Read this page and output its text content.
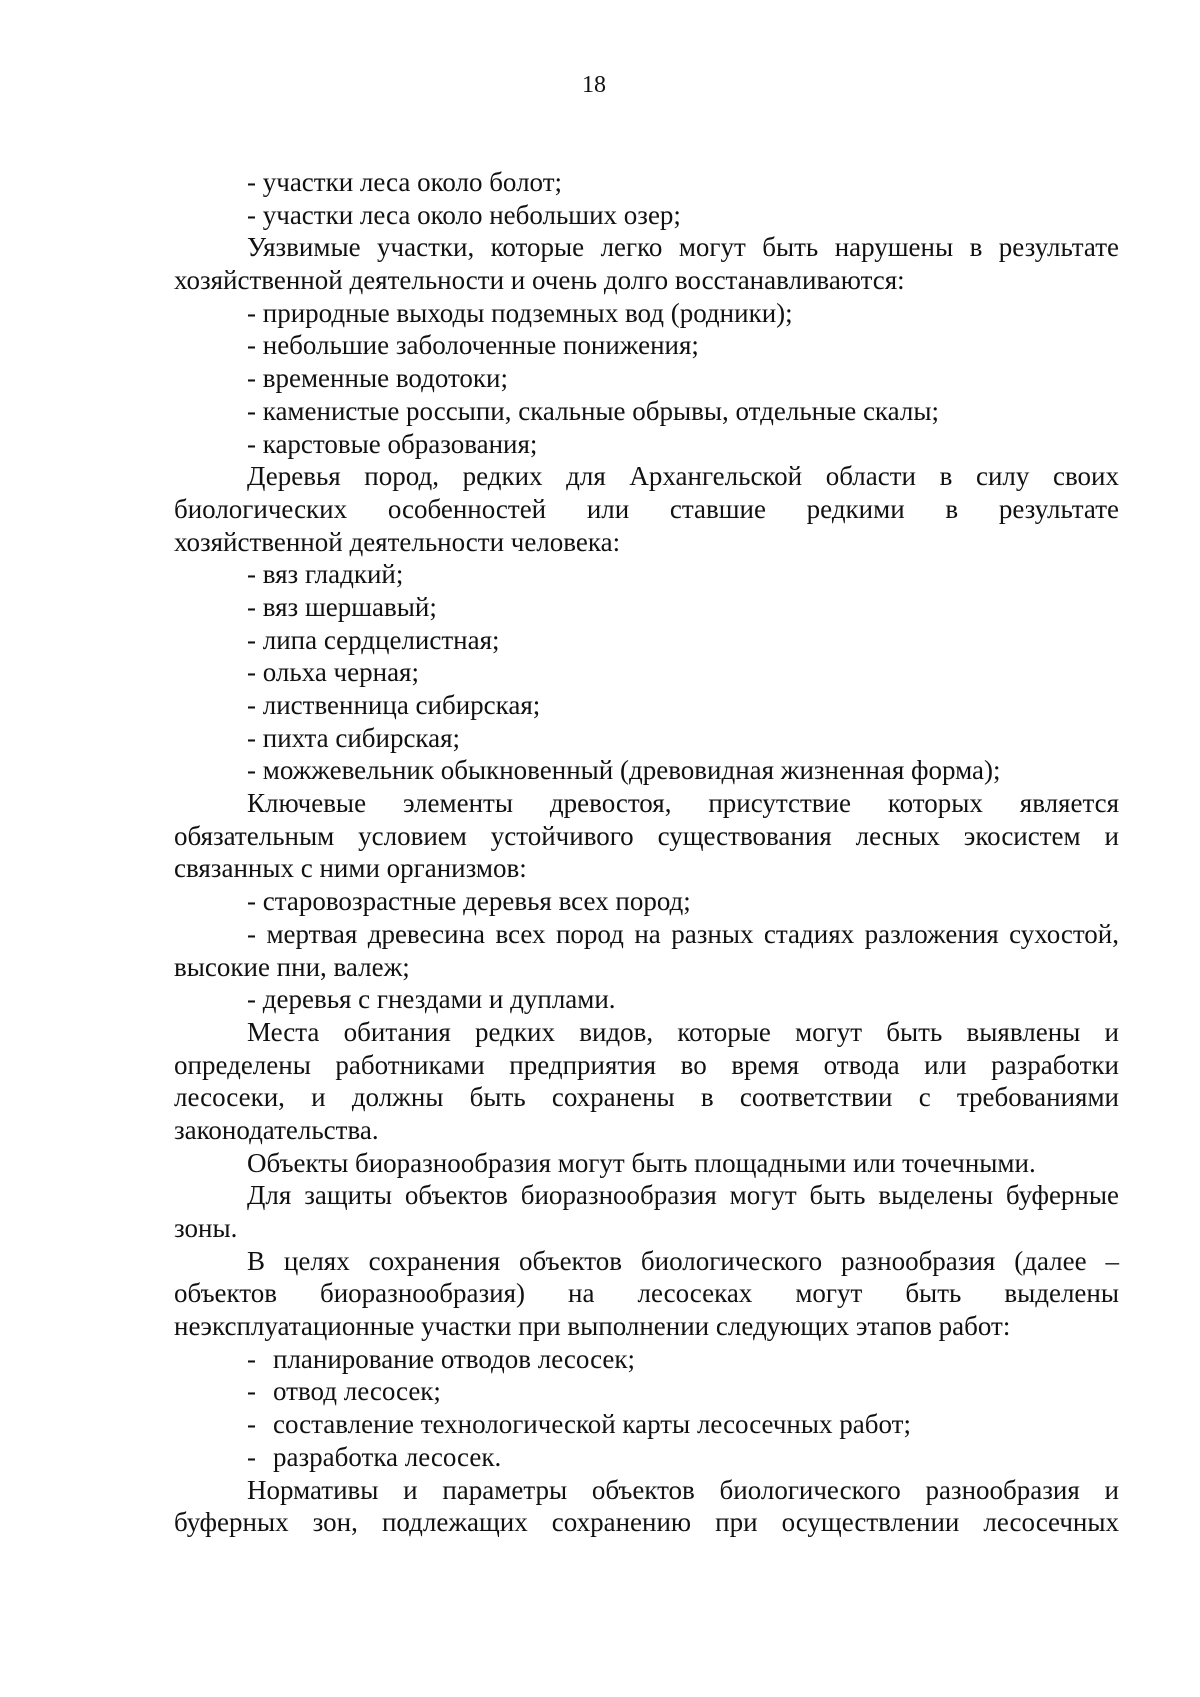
18
- участки леса около болот;
- участки леса около небольших озер;
Уязвимые участки, которые легко могут быть нарушены в результате
хозяйственной деятельности и очень долго восстанавливаются:
- природные выходы подземных вод (родники);
- небольшие заболоченные понижения;
- временные водотоки;
- каменистые россыпи, скальные обрывы, отдельные скалы;
- карстовые образования;
Деревья пород, редких для Архангельской области в силу своих
биологических особенностей или ставшие редкими в результате
хозяйственной деятельности человека:
- вяз гладкий;
- вяз шершавый;
- липа сердцелистная;
- ольха черная;
- лиственница сибирская;
- пихта сибирская;
- можжевельник обыкновенный (древовидная жизненная форма);
Ключевые элементы древостоя, присутствие которых является
обязательным условием устойчивого существования лесных экосистем и
связанных с ними организмов:
- старовозрастные деревья всех пород;
- мертвая древесина всех пород на разных стадиях разложения сухостой,
высокие пни, валеж;
- деревья с гнездами и дуплами.
Места обитания редких видов, которые могут быть выявлены и
определены работниками предприятия во время отвода или разработки
лесосеки, и должны быть сохранены в соответствии с требованиями
законодательства.
Объекты биоразнообразия могут быть площадными или точечными.
Для защиты объектов биоразнообразия могут быть выделены буферные
зоны.
В целях сохранения объектов биологического разнообразия (далее –
объектов биоразнообразия) на лесосеках могут быть выделены
неэксплуатационные участки при выполнении следующих этапов работ:
- планирование отводов лесосек;
- отвод лесосек;
- составление технологической карты лесосечных работ;
- разработка лесосек.
Нормативы и параметры объектов биологического разнообразия и
буферных зон, подлежащих сохранению при осуществлении лесосечных
